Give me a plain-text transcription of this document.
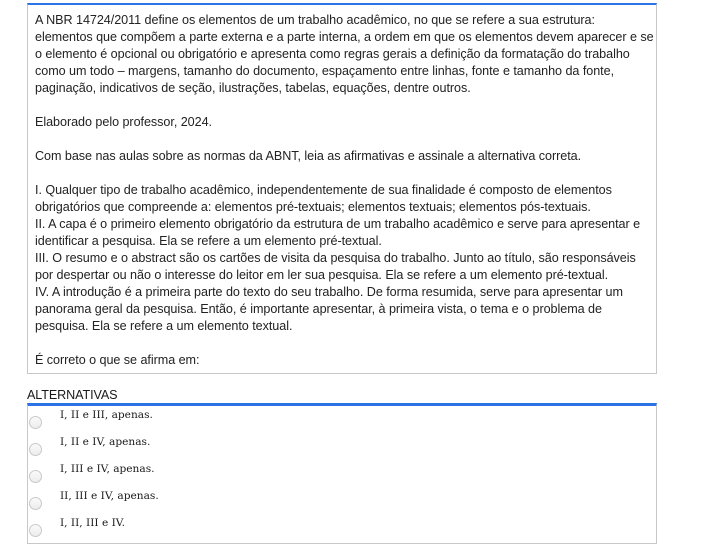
A NBR 14724/2011 define os elementos de um trabalho acadêmico, no que se refere a sua estrutura: elementos que compõem a parte externa e a parte interna, a ordem em que os elementos devem aparecer e se o elemento é opcional ou obrigatório e apresenta como regras gerais a definição da formatação do trabalho como um todo – margens, tamanho do documento, espaçamento entre linhas, fonte e tamanho da fonte, paginação, indicativos de seção, ilustrações, tabelas, equações, dentre outros.

Elaborado pelo professor, 2024.

Com base nas aulas sobre as normas da ABNT, leia as afirmativas e assinale a alternativa correta.

I. Qualquer tipo de trabalho acadêmico, independentemente de sua finalidade é composto de elementos obrigatórios que compreende a: elementos pré-textuais; elementos textuais; elementos pós-textuais.

II. A capa é o primeiro elemento obrigatório da estrutura de um trabalho acadêmico e serve para apresentar e identificar a pesquisa. Ela se refere a um elemento pré-textual.

III. O resumo e o abstract são os cartões de visita da pesquisa do trabalho. Junto ao título, são responsáveis por despertar ou não o interesse do leitor em ler sua pesquisa. Ela se refere a um elemento pré-textual.

IV. A introdução é a primeira parte do texto do seu trabalho. De forma resumida, serve para apresentar um panorama geral da pesquisa. Então, é importante apresentar, à primeira vista, o tema e o problema de pesquisa. Ela se refere a um elemento textual.

É correto o que se afirma em:

ALTERNATIVAS
I, II e III, apenas.
I, II e IV, apenas.
I, III e IV, apenas.
II, III e IV, apenas.
I, II, III e IV.
